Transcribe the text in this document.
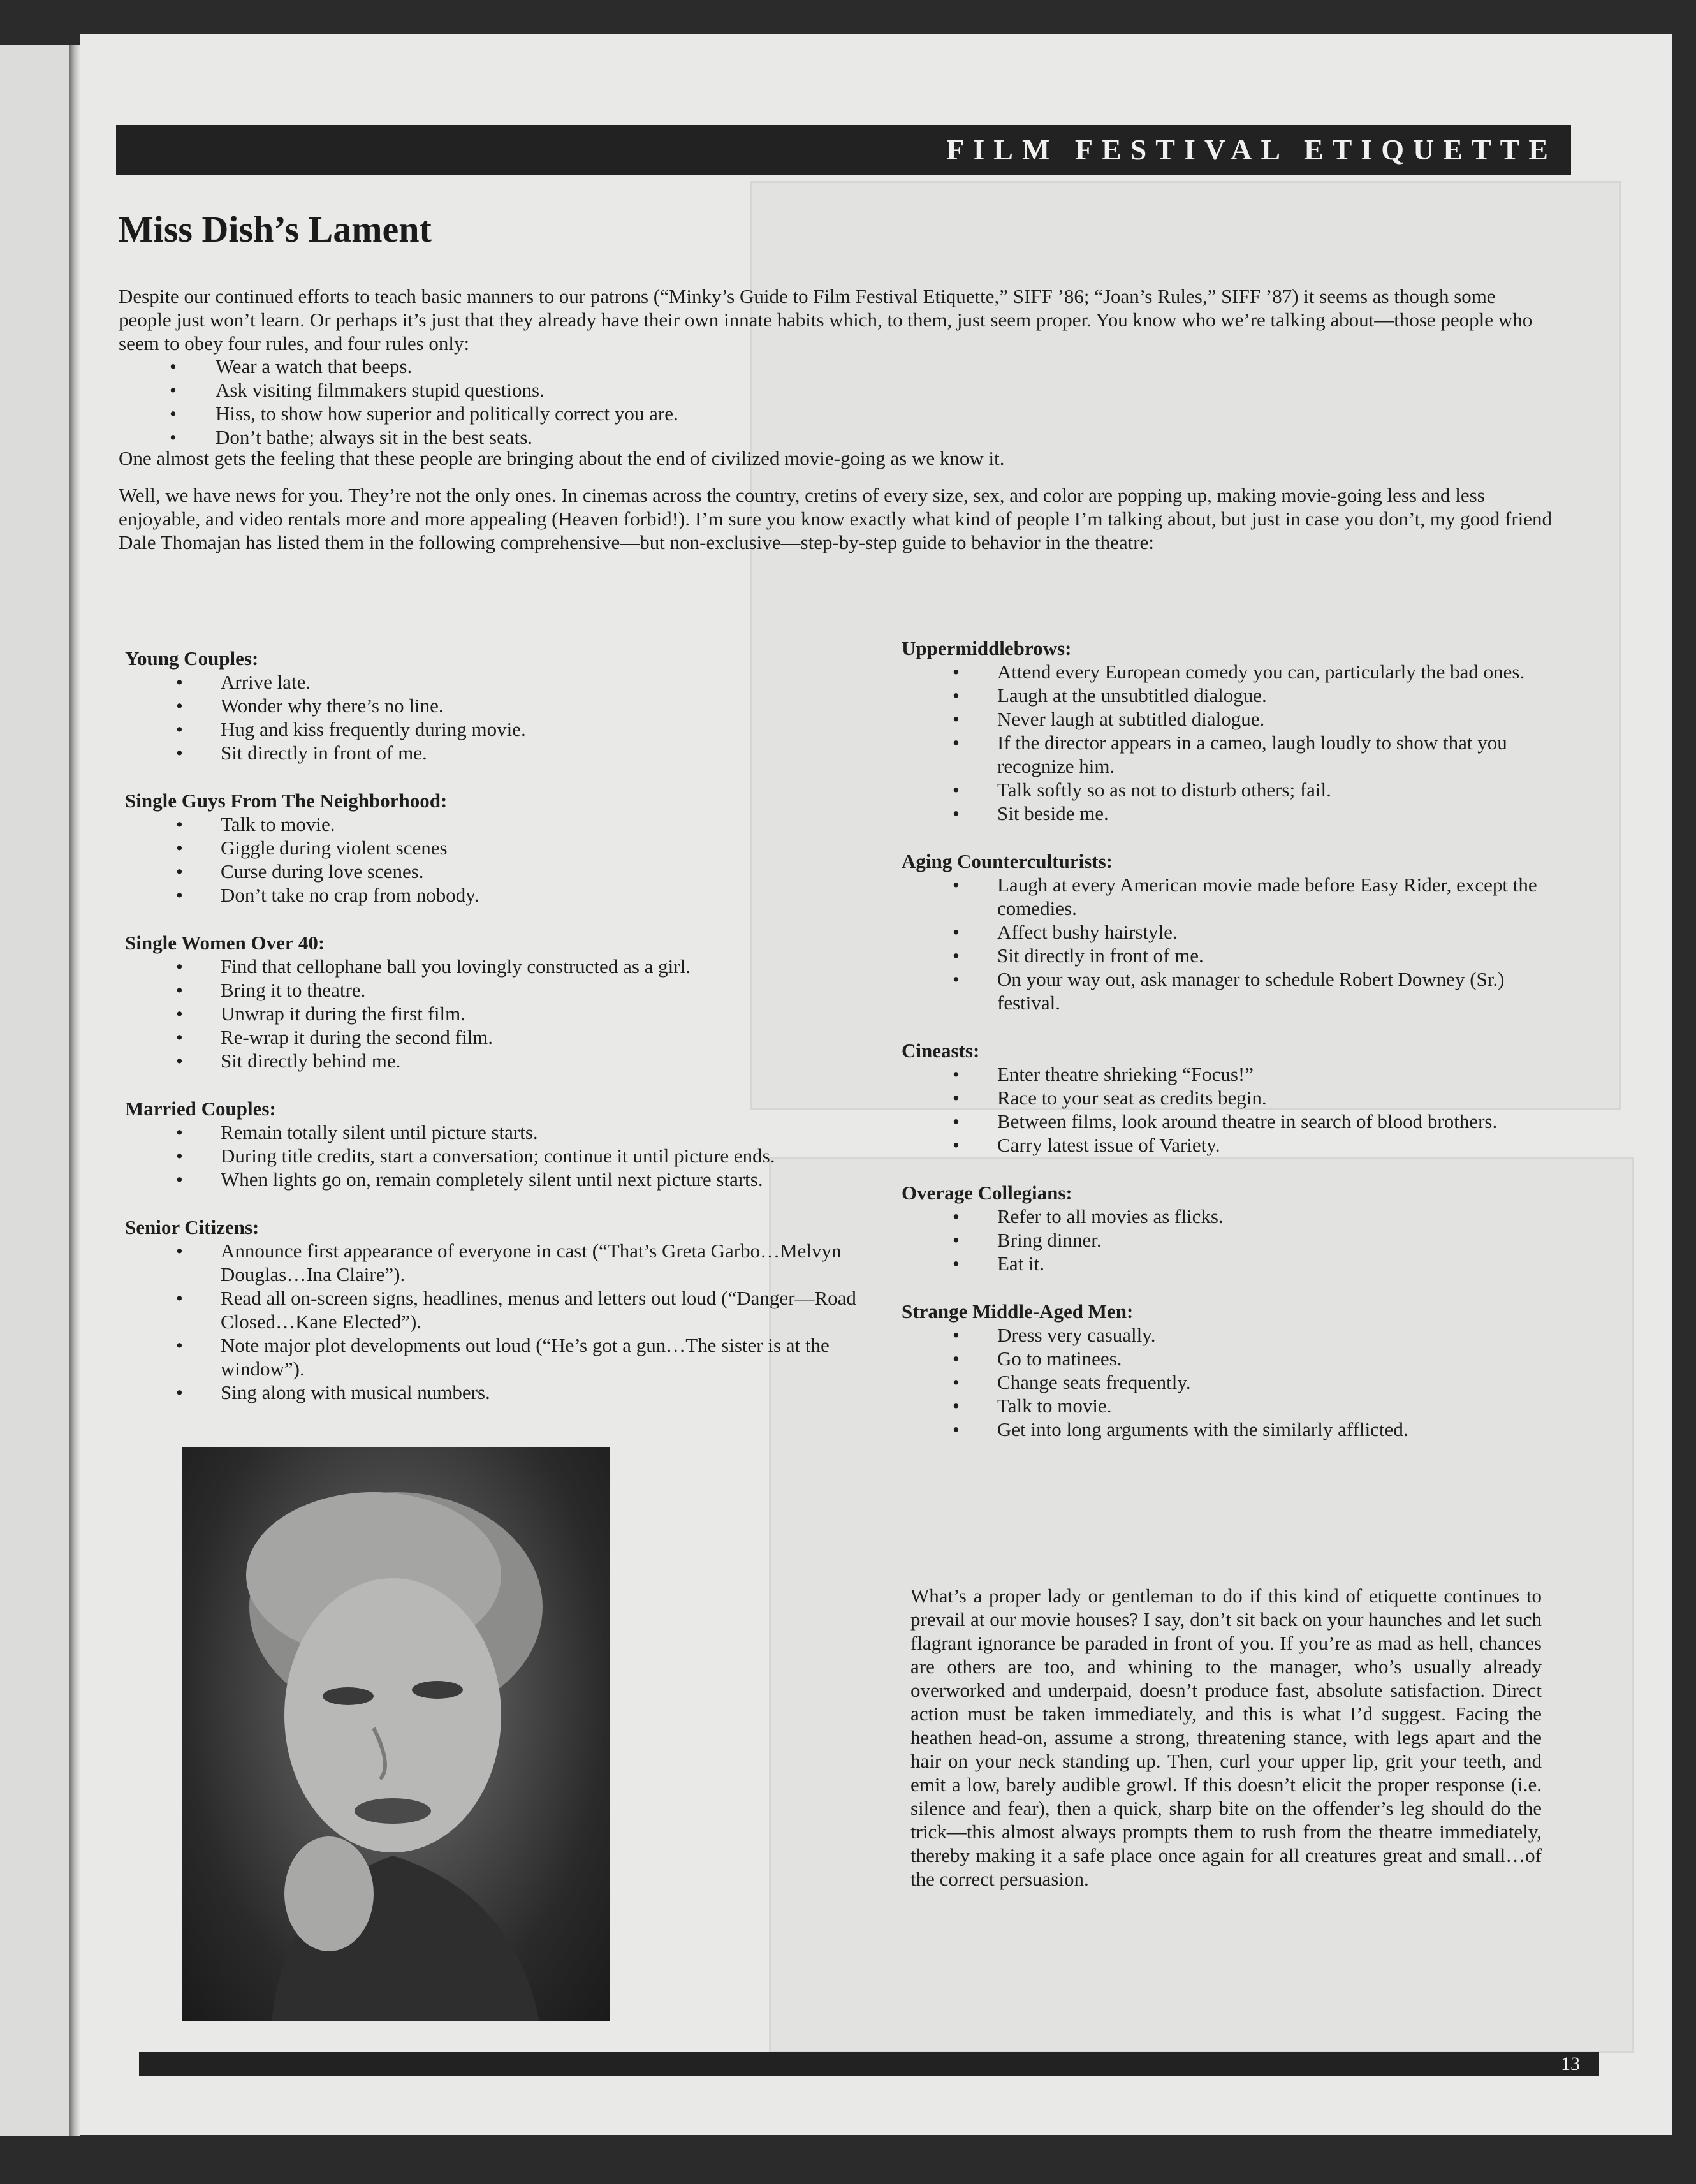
FILM FESTIVAL ETIQUETTE
Miss Dish’s Lament

Despite our continued efforts to teach basic manners to our patrons (“Minky’s Guide to Film Festival Etiquette,” SIFF ’86; “Joan’s Rules,” SIFF ’87) it seems as though some people just won’t learn. Or perhaps it’s just that they already have their own innate habits which, to them, just seem proper. You know who we’re talking about—those people who seem to obey four rules, and four rules only:

• Wear a watch that beeps.
• Ask visiting filmmakers stupid questions.
• Hiss, to show how superior and politically correct you are.
• Don’t bathe; always sit in the best seats.

One almost gets the feeling that these people are bringing about the end of civilized movie-going as we know it.

Well, we have news for you. They’re not the only ones. In cinemas across the country, cretins of every size, sex, and color are popping up, making movie-going less and less enjoyable, and video rentals more and more appealing (Heaven forbid!). I’m sure you know exactly what kind of people I’m talking about, but just in case you don’t, my good friend Dale Thomajan has listed them in the following comprehensive—but non-exclusive—step-by-step guide to behavior in the theatre:

Young Couples:
• Arrive late.
• Wonder why there’s no line.
• Hug and kiss frequently during movie.
• Sit directly in front of me.
Single Guys From The Neighborhood:
• Talk to movie.
• Giggle during violent scenes
• Curse during love scenes.
• Don’t take no crap from nobody.
Single Women Over 40:
• Find that cellophane ball you lovingly constructed as a girl.
• Bring it to theatre.
• Unwrap it during the first film.
• Re-wrap it during the second film.
• Sit directly behind me.
Married Couples:
• Remain totally silent until picture starts.
• During title credits, start a conversation; continue it until picture ends.
• When lights go on, remain completely silent until next picture starts.
Senior Citizens:
• Announce first appearance of everyone in cast (“That’s Greta Garbo…Melvyn Douglas…Ina Claire”).
• Read all on-screen signs, headlines, menus and letters out loud (“Danger—Road Closed…Kane Elected”).
• Note major plot developments out loud (“He’s got a gun…The sister is at the window”).
• Sing along with musical numbers.
Uppermiddlebrows:
• Attend every European comedy you can, particularly the bad ones.
• Laugh at the unsubtitled dialogue.
• Never laugh at subtitled dialogue.
• If the director appears in a cameo, laugh loudly to show that you recognize him.
• Talk softly so as not to disturb others; fail.
• Sit beside me.
Aging Counterculturists:
• Laugh at every American movie made before Easy Rider, except the comedies.
• Affect bushy hairstyle.
• Sit directly in front of me.
• On your way out, ask manager to schedule Robert Downey (Sr.) festival.
Cineasts:
• Enter theatre shrieking “Focus!”
• Race to your seat as credits begin.
• Between films, look around theatre in search of blood brothers.
• Carry latest issue of Variety.
Overage Collegians:
• Refer to all movies as flicks.
• Bring dinner.
• Eat it.
Strange Middle-Aged Men:
• Dress very casually.
• Go to matinees.
• Change seats frequently.
• Talk to movie.
• Get into long arguments with the similarly afflicted.

What’s a proper lady or gentleman to do if this kind of etiquette continues to prevail at our movie houses? I say, don’t sit back on your haunches and let such flagrant ignorance be paraded in front of you. If you’re as mad as hell, chances are others are too, and whining to the manager, who’s usually already overworked and underpaid, doesn’t produce fast, absolute satisfaction. Direct action must be taken immediately, and this is what I’d suggest. Facing the heathen head-on, assume a strong, threatening stance, with legs apart and the hair on your neck standing up. Then, curl your upper lip, grit your teeth, and emit a low, barely audible growl. If this doesn’t elicit the proper response (i.e. silence and fear), then a quick, sharp bite on the offender’s leg should do the trick—this almost always prompts them to rush from the theatre immediately, thereby making it a safe place once again for all creatures great and small…of the correct persuasion.

13
